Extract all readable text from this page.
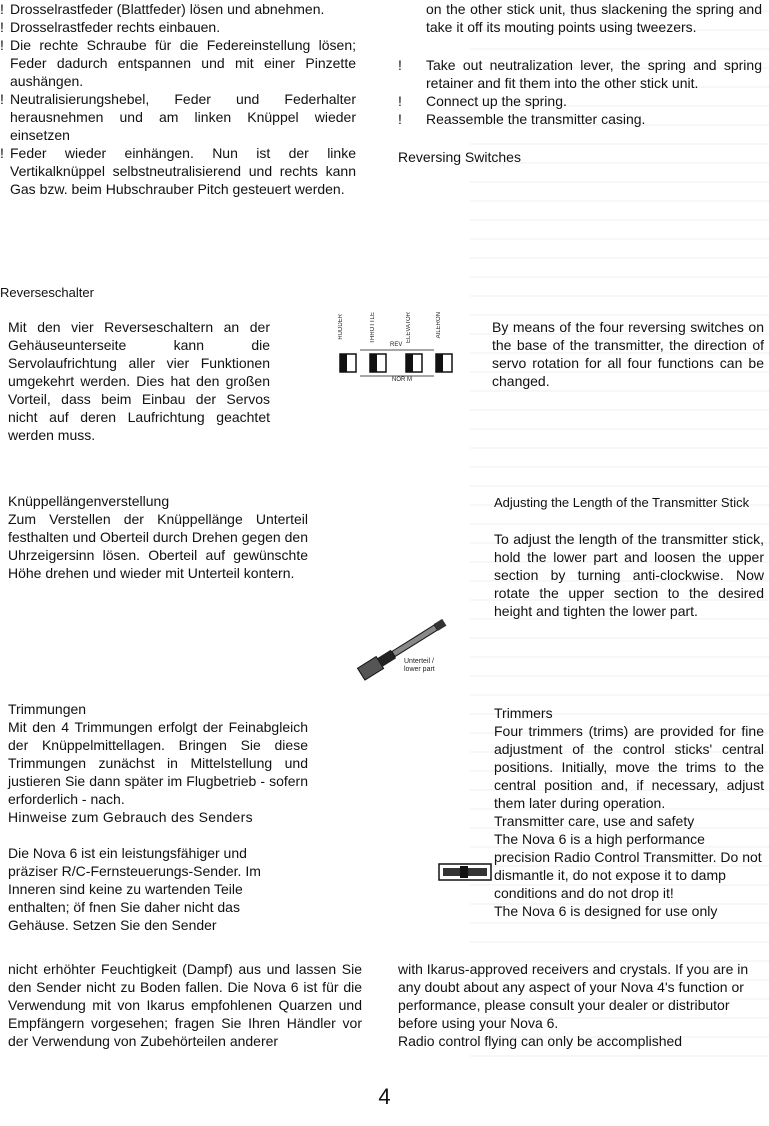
! Drosselrastfeder (Blattfeder) lösen und abnehmen.
! Drosselrastfeder rechts einbauen.
! Die rechte Schraube für die Federeinstellung lösen; Feder dadurch entspannen und mit einer Pinzette aushängen.
! Neutralisierungshebel, Feder und Federhalter herausnehmen und am linken Knüppel wieder einsetzen
! Feder wieder einhängen. Nun ist der linke Vertikalknüppel selbstneutralisierend und rechts kann Gas bzw. beim Hubschrauber Pitch gesteuert werden.
Reverseschalter
Mit den vier Reverseschaltern an der Gehäuseunterseite kann die Servolaufrichtung aller vier Funktionen umgekehrt werden. Dies hat den großen Vorteil, dass beim Einbau der Servos nicht auf deren Laufrichtung geachtet werden muss.
Knüppellängenverstellung
Zum Verstellen der Knüppellänge Unterteil festhalten und Oberteil durch Drehen gegen den Uhrzeigersinn lösen. Oberteil auf gewünschte Höhe drehen und wieder mit Unterteil kontern.
Trimmungen
Mit den 4 Trimmungen erfolgt der Feinabgleich der Knüppelmittellagen. Bringen Sie diese Trimmungen zunächst in Mittelstellung und justieren Sie dann später im Flugbetrieb - sofern erforderlich - nach.
Hinweise zum Gebrauch des Senders
Die Nova 6 ist ein leistungsfähiger und präziser R/C-Fernsteuerungs-Sender. Im Inneren sind keine zu wartenden Teile enthalten; öf fnen Sie daher nicht das Gehäuse. Setzen Sie den Sender
nicht erhöhter Feuchtigkeit (Dampf) aus und lassen Sie den Sender nicht zu Boden fallen. Die Nova 6 ist für die Verwendung mit von Ikarus empfohlenen Quarzen und Empfängern vorgesehen; fragen Sie Ihren Händler vor der Verwendung von Zubehörteilen anderer
on the other stick unit, thus slackening the spring and take it off its mouting points using tweezers.
! Take out neutralization lever, the spring and spring retainer and fit them into the other stick unit.
! Connect up the spring.
! Reassemble the transmitter casing.
Reversing Switches
By means of the four reversing switches on the base of the transmitter, the direction of servo rotation for all four functions can be changed.
Adjusting the Length of the Transmitter Stick
To adjust the length of the transmitter stick, hold the lower part and loosen the upper section by turning anti-clockwise. Now rotate the upper section to the desired height and tighten the lower part.
Trimmers
Four trimmers (trims) are provided for fine adjustment of the control sticks' central positions. Initially, move the trims to the central position and, if necessary, adjust them later during operation.
Transmitter care, use and safety
The Nova 6 is a high performance precision Radio Control Transmitter. Do not dismantle it, do not expose it to damp conditions and do not drop it!
The Nova 6 is designed for use only
with Ikarus-approved receivers and crystals. If you are in any doubt about any aspect of your Nova 4's function or performance, please consult your dealer or distributor before using your Nova 6.
Radio control flying can only be accomplished
RUDDER	THROTTLE	ELEVATOR	AILERON
REV
NOR M
Unterteil /
lower part
4
